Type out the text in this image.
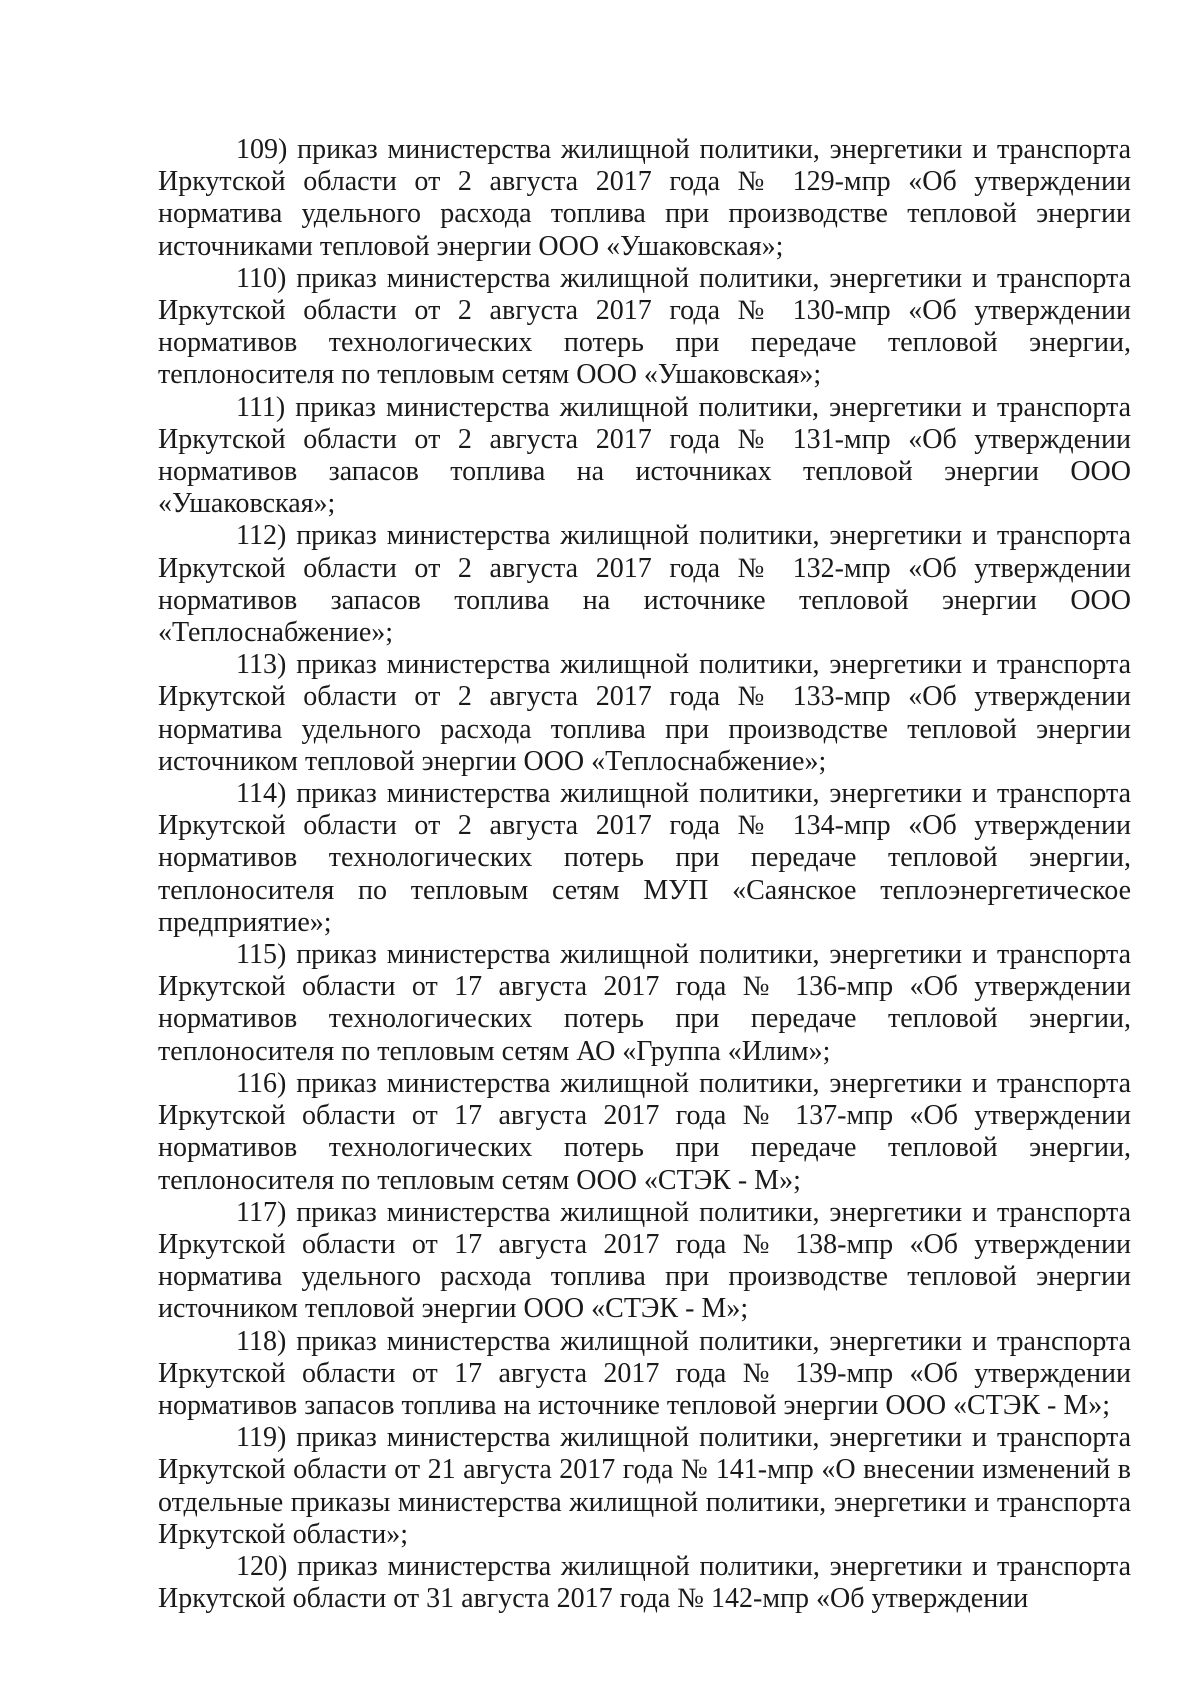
109) приказ министерства жилищной политики, энергетики и транспорта Иркутской области от 2 августа 2017 года № 129-мпр «Об утверждении норматива удельного расхода топлива при производстве тепловой энергии источниками тепловой энергии ООО «Ушаковская»;

110) приказ министерства жилищной политики, энергетики и транспорта Иркутской области от 2 августа 2017 года № 130-мпр «Об утверждении нормативов технологических потерь при передаче тепловой энергии, теплоносителя по тепловым сетям ООО «Ушаковская»;

111) приказ министерства жилищной политики, энергетики и транспорта Иркутской области от 2 августа 2017 года № 131-мпр «Об утверждении нормативов запасов топлива на источниках тепловой энергии ООО «Ушаковская»;

112) приказ министерства жилищной политики, энергетики и транспорта Иркутской области от 2 августа 2017 года № 132-мпр «Об утверждении нормативов запасов топлива на источнике тепловой энергии ООО «Теплоснабжение»;

113) приказ министерства жилищной политики, энергетики и транспорта Иркутской области от 2 августа 2017 года № 133-мпр «Об утверждении норматива удельного расхода топлива при производстве тепловой энергии источником тепловой энергии ООО «Теплоснабжение»;

114) приказ министерства жилищной политики, энергетики и транспорта Иркутской области от 2 августа 2017 года № 134-мпр «Об утверждении нормативов технологических потерь при передаче тепловой энергии, теплоносителя по тепловым сетям МУП «Саянское теплоэнергетическое предприятие»;

115) приказ министерства жилищной политики, энергетики и транспорта Иркутской области от 17 августа 2017 года № 136-мпр «Об утверждении нормативов технологических потерь при передаче тепловой энергии, теплоносителя по тепловым сетям АО «Группа «Илим»;

116) приказ министерства жилищной политики, энергетики и транспорта Иркутской области от 17 августа 2017 года № 137-мпр «Об утверждении нормативов технологических потерь при передаче тепловой энергии, теплоносителя по тепловым сетям ООО «СТЭК - М»;

117) приказ министерства жилищной политики, энергетики и транспорта Иркутской области от 17 августа 2017 года № 138-мпр «Об утверждении норматива удельного расхода топлива при производстве тепловой энергии источником тепловой энергии ООО «СТЭК - М»;

118) приказ министерства жилищной политики, энергетики и транспорта Иркутской области от 17 августа 2017 года № 139-мпр «Об утверждении нормативов запасов топлива на источнике тепловой энергии ООО «СТЭК - М»;

119) приказ министерства жилищной политики, энергетики и транспорта Иркутской области от 21 августа 2017 года № 141-мпр «О внесении изменений в отдельные приказы министерства жилищной политики, энергетики и транспорта Иркутской области»;

120) приказ министерства жилищной политики, энергетики и транспорта Иркутской области от 31 августа 2017 года № 142-мпр «Об утверждении
